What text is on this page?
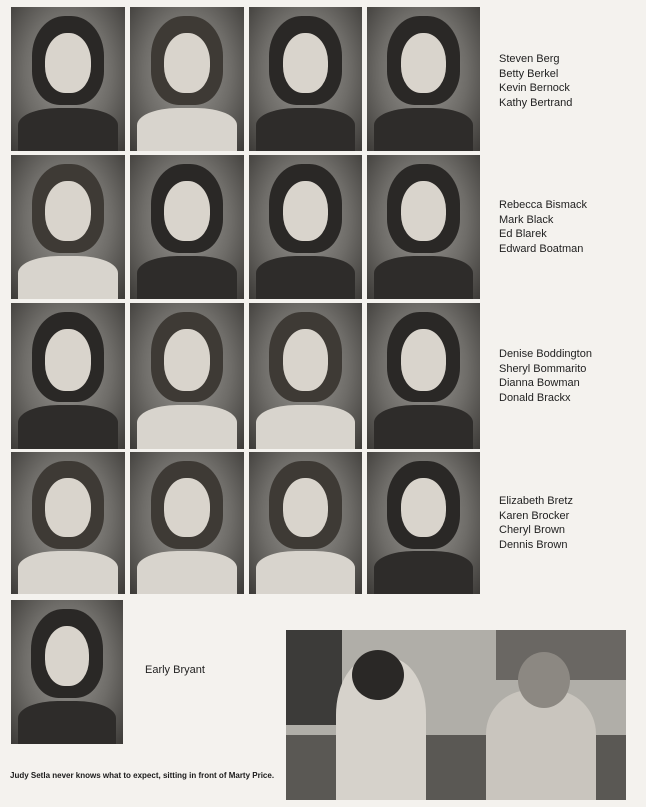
Steven Berg
Betty Berkel
Kevin Bernock
Kathy Bertrand
Rebecca Bismack
Mark Black
Ed Blarek
Edward Boatman
Denise Boddington
Sheryl Bommarito
Dianna Bowman
Donald Brackx
Elizabeth Bretz
Karen Brocker
Cheryl Brown
Dennis Brown
Early Bryant
Judy Setla never knows what to expect, sitting in front of Marty Price.
